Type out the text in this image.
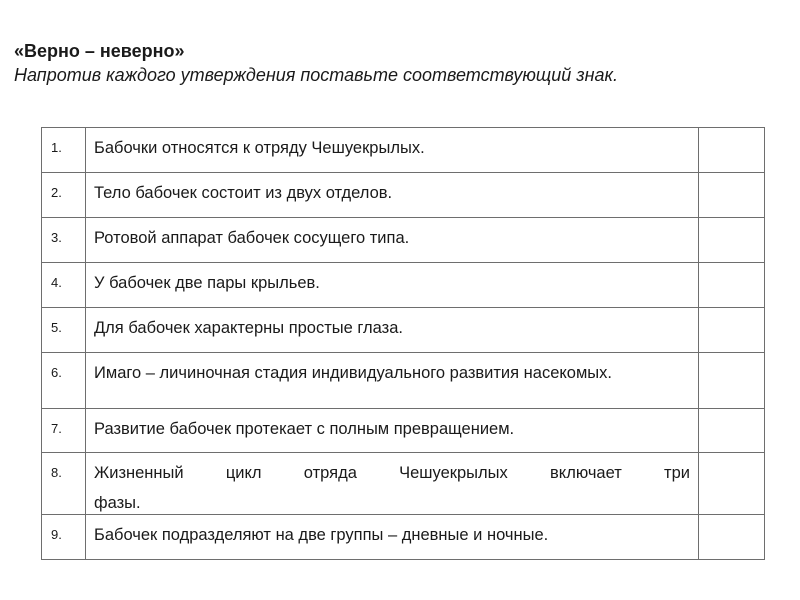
«Верно – неверно»

Напротив каждого утверждения поставьте соответствующий знак.

1.	Бабочки относятся к отряду Чешуекрылых.	
2.	Тело бабочек состоит из двух отделов.	
3.	Ротовой аппарат бабочек сосущего типа.	
4.	У бабочек две пары крыльев.	
5.	Для бабочек характерны простые глаза.	
6.	Имаго – личиночная стадия индивидуального развития насекомых.	
7.	Развитие бабочек протекает с полным превращением.	
8.	Жизненный цикл отряда Чешуекрылых включает три
фазы.	

9.	Бабочек подразделяют на две группы – дневные и ночные.	
